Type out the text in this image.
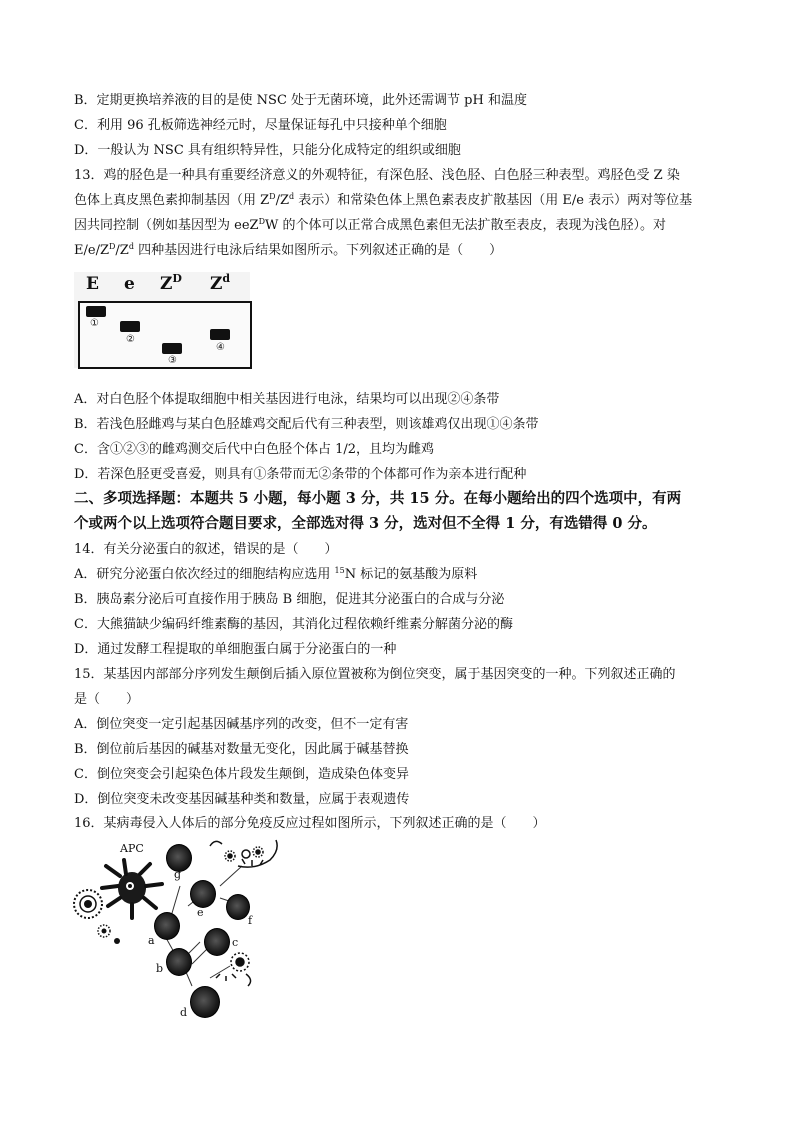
B．定期更换培养液的目的是使 NSC 处于无菌环境，此外还需调节 pH 和温度
C．利用 96 孔板筛选神经元时，尽量保证每孔中只接种单个细胞
D．一般认为 NSC 具有组织特异性，只能分化成特定的组织或细胞
13．鸡的胫色是一种具有重要经济意义的外观特征，有深色胫、浅色胫、白色胫三种表型。鸡胫色受 Z 染
色体上真皮黑色素抑制基因（用 $Z^D/Z^d$ 表示）和常染色体上黑色素表皮扩散基因（用 E/e 表示）两对等位基
因共同控制（例如基因型为 eeZ$^D$W 的个体可以正常合成黑色素但无法扩散至表皮，表现为浅色胫）。对
$E/e/Z^D/Z^d$ 四种基因进行电泳后结果如图所示。下列叙述正确的是（　　）
E e $Z^D$ $Z^d$
①
②
③
④
A．对白色胫个体提取细胞中相关基因进行电泳，结果均可以出现②④条带
B．若浅色胫雌鸡与某白色胫雄鸡交配后代有三种表型，则该雄鸡仅出现①④条带
C．含①②③的雌鸡测交后代中白色胫个体占 1/2，且均为雌鸡
D．若深色胫更受喜爱，则具有①条带而无②条带的个体都可作为亲本进行配种
二、多项选择题：本题共 5 小题，每小题 3 分，共 15 分。在每小题给出的四个选项中，有两
个或两个以上选项符合题目要求，全部选对得 3 分，选对但不全得 1 分，有选错得 0 分。
14．有关分泌蛋白的叙述，错误的是（　　）
A．研究分泌蛋白依次经过的细胞结构应选用 $^{15}$N 标记的氨基酸为原料
B．胰岛素分泌后可直接作用于胰岛 B 细胞，促进其分泌蛋白的合成与分泌
C．大熊猫缺少编码纤维素酶的基因，其消化过程依赖纤维素分解菌分泌的酶
D．通过发酵工程提取的单细胞蛋白属于分泌蛋白的一种
15．某基因内部部分序列发生颠倒后插入原位置被称为倒位突变，属于基因突变的一种。下列叙述正确的
是（　　）
A．倒位突变一定引起基因碱基序列的改变，但不一定有害
B．倒位前后基因的碱基对数量无变化，因此属于碱基替换
C．倒位突变会引起染色体片段发生颠倒，造成染色体变异
D．倒位突变未改变基因碱基种类和数量，应属于表观遗传
16．某病毒侵入人体后的部分免疫反应过程如图所示，下列叙述正确的是（　　）
APC
g
e
f
a	c
b
d
